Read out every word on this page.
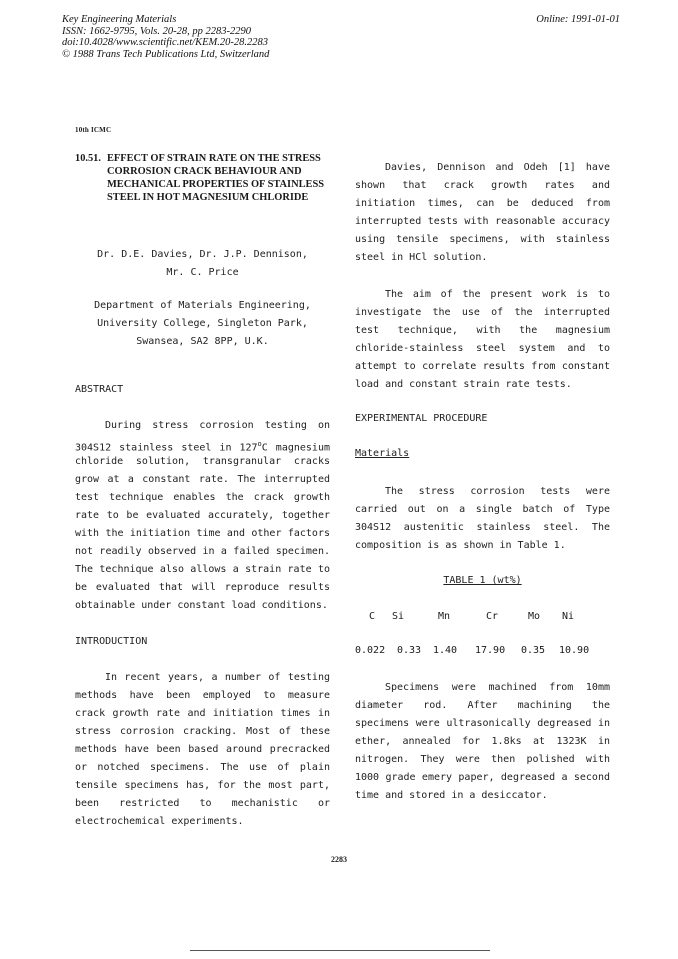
Key Engineering Materials
ISSN: 1662-9795, Vols. 20-28, pp 2283-2290
doi:10.4028/www.scientific.net/KEM.20-28.2283
© 1988 Trans Tech Publications Ltd, Switzerland
Online: 1991-01-01
10th ICMC
10.51. EFFECT OF STRAIN RATE ON THE STRESS
CORROSION CRACK BEHAVIOUR AND
MECHANICAL PROPERTIES OF STAINLESS
STEEL IN HOT MAGNESIUM CHLORIDE
Dr. D.E. Davies, Dr. J.P. Dennison,
Mr. C. Price
Department of Materials Engineering,
University College, Singleton Park,
Swansea, SA2 8PP, U.K.
ABSTRACT

During stress corrosion testing on
304S12 stainless steel in 127$^o$C magnesium
chloride solution, transgranular cracks
grow at a constant rate. The interrupted
test technique enables the crack growth
rate to be evaluated accurately, together
with the initiation time and other factors
not readily observed in a failed specimen.
The technique also allows a strain rate to
be evaluated that will reproduce results
obtainable under constant load conditions.

INTRODUCTION

In recent years, a number of testing
methods have been employed to measure
crack growth rate and initiation times in
stress corrosion cracking. Most of these
methods have been based around precracked
or notched specimens. The use of plain
tensile specimens has, for the most part,
been restricted to mechanistic or
electrochemical experiments.

Davies, Dennison and Odeh [1] have
shown that crack growth rates and
initiation times, can be deduced from
interrupted tests with reasonable accuracy
using tensile specimens, with stainless
steel in HCl solution.

The aim of the present work is to
investigate the use of the interrupted
test technique, with the magnesium
chloride-stainless steel system and to
attempt to correlate results from constant
load and constant strain rate tests.

EXPERIMENTAL PROCEDURE
Materials

The stress corrosion tests were
carried out on a single batch of Type
304S12 austenitic stainless steel. The
composition is as shown in Table 1.

TABLE 1 (wt%)
C	Si	Mn	Cr	Mo	Ni
0.022	0.33	1.40	17.90	0.35	10.90

Specimens were machined from 10mm
diameter rod. After machining the
specimens were ultrasonically degreased in
ether, annealed for 1.8ks at 1323K in
nitrogen. They were then polished with
1000 grade emery paper, degreased a second
time and stored in a desiccator.

2283
